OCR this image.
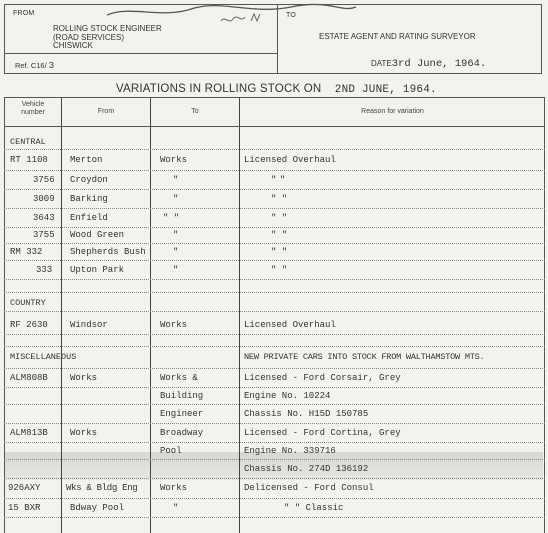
FROM
ROLLING STOCK ENGINEER
(ROAD SERVICES)
CHISWICK
TO
ESTATE AGENT AND RATING SURVEYOR
Ref. C16/ 3	DATE3rd June, 1964.
VARIATIONS IN ROLLING STOCK ON 2ND JUNE, 1964.
Vehicle
number	From	To	Reason for variation
CENTRAL
RT 1108 Merton	Works	Licensed Overhaul
3756 Croydon	"	" "
3009 Barking	"	" "
3643 Enfield	" "	" "
3755 Wood Green	"	" "
RM 332	Shepherds Bush	"	" "
333 Upton Park	"	" "
COUNTRY
RF 2630 Windsor	Works	Licensed Overhaul
MISCELLANEOUS	NEW PRIVATE CARS INTO STOCK FROM WALTHAMSTOW MTS.
ALM808B Works	Works &	Licensed - Ford Corsair, Grey
Building	Engine No. 10224
Engineer	Chassis No. H15D 150785
ALM813B Works	Broadway	Licensed - Ford Cortina, Grey
Pool	Engine No. 339716
Chassis No. 274D 136192
926AXY	Wks & Bldg Eng	Works	Delicensed - Ford Consul
15 BXR	Bdway Pool	"	" " Classic
